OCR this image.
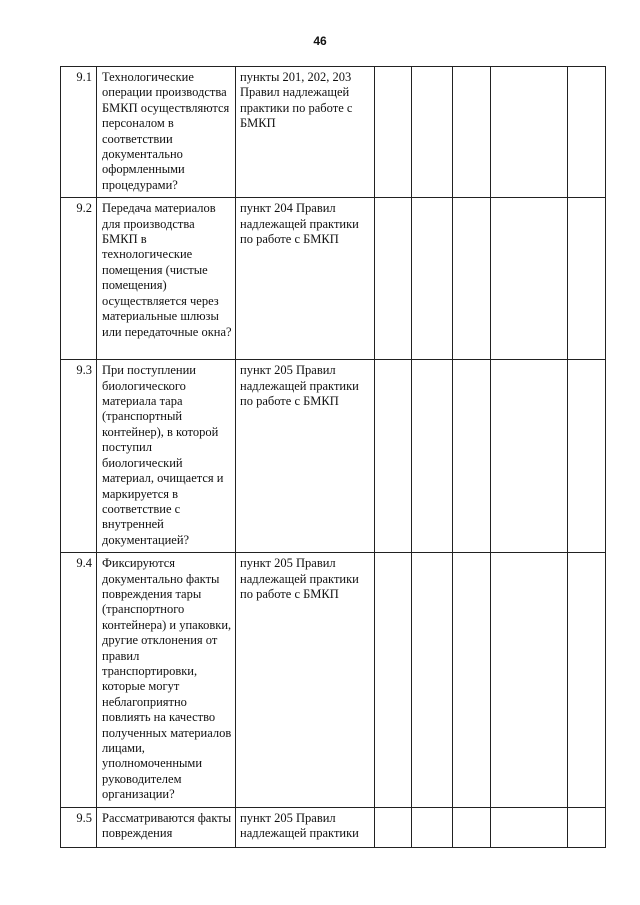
46
9.1	Технологические операции производства БМКП осуществляются персоналом в соответствии документально оформленными процедурами?	пункты 201, 202, 203 Правил надлежащей практики по работе с БМКП					

9.2	Передача материалов для производства БМКП в технологические помещения (чистые помещения) осуществляется через материальные шлюзы или передаточные окна?	пункт 204 Правил надлежащей практики по работе с БМКП					

9.3	При поступлении биологического материала тара (транспортный контейнер), в которой поступил биологический материал, очищается и маркируется в соответствие с внутренней документацией?	пункт 205 Правил надлежащей практики по работе с БМКП					

9.4	Фиксируются документально факты повреждения тары (транспортного контейнера) и упаковки, другие отклонения от правил транспортировки, которые могут неблагоприятно повлиять на качество полученных материалов лицами, уполномоченными руководителем организации?	пункт 205 Правил надлежащей практики по работе с БМКП					

9.5	Рассматриваются факты повреждения	пункт 205 Правил надлежащей практики					
